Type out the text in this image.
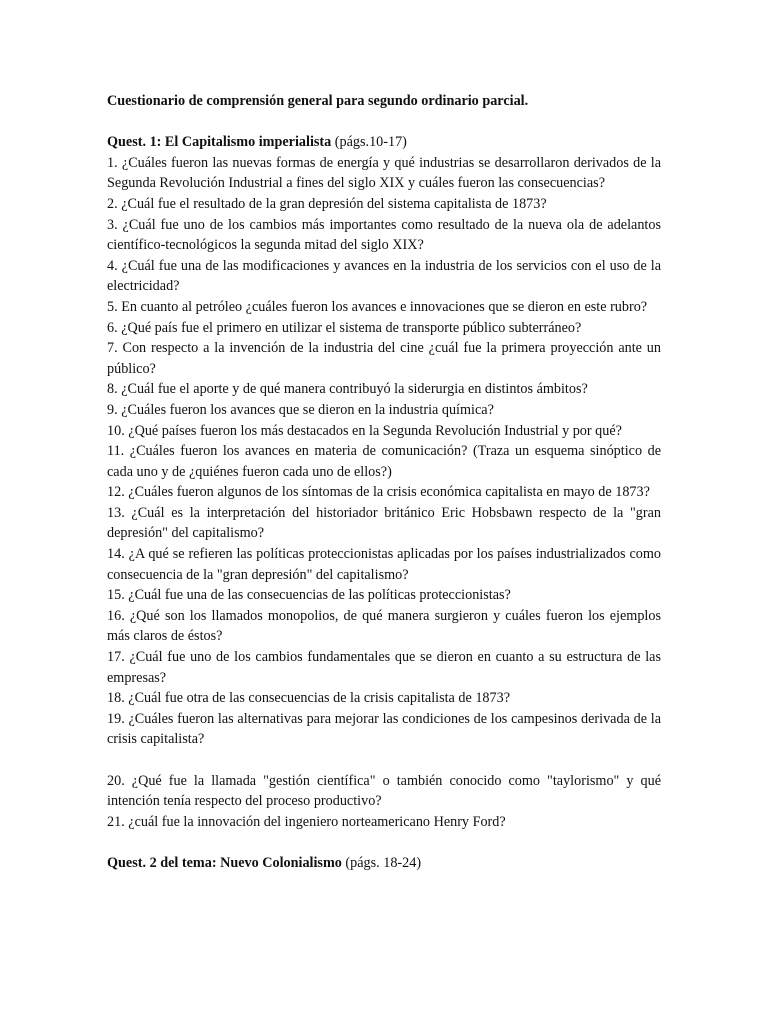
Cuestionario de comprensión general para segundo ordinario parcial.

Quest. 1: El Capitalismo imperialista (págs.10-17)

1. ¿Cuáles fueron las nuevas formas de energía y qué industrias se desarrollaron derivados de la Segunda Revolución Industrial a fines del siglo XIX y cuáles fueron las consecuencias?

2. ¿Cuál fue el resultado de la gran depresión del sistema capitalista de 1873?

3. ¿Cuál fue uno de los cambios más importantes como resultado de la nueva ola de adelantos científico-tecnológicos la segunda mitad del siglo XIX?

4. ¿Cuál fue una de las modificaciones y avances en la industria de los servicios con el uso de la electricidad?

5. En cuanto al petróleo ¿cuáles fueron los avances e innovaciones que se dieron en este rubro?

6. ¿Qué país fue el primero en utilizar el sistema de transporte público subterráneo?

7. Con respecto a la invención de la industria del cine ¿cuál fue la primera proyección ante un público?

8. ¿Cuál fue el aporte y de qué manera contribuyó la siderurgia en distintos ámbitos?

9. ¿Cuáles fueron los avances que se dieron en la industria química?

10. ¿Qué países fueron los más destacados en la Segunda Revolución Industrial y por qué?

11. ¿Cuáles fueron los avances en materia de comunicación? (Traza un esquema sinóptico de cada uno y de ¿quiénes fueron cada uno de ellos?)

12. ¿Cuáles fueron algunos de los síntomas de la crisis económica capitalista en mayo de 1873?

13. ¿Cuál es la interpretación del historiador británico Eric Hobsbawn respecto de la "gran depresión" del capitalismo?

14. ¿A qué se refieren las políticas proteccionistas aplicadas por los países industrializados como consecuencia de la "gran depresión" del capitalismo?

15. ¿Cuál fue una de las consecuencias de las políticas proteccionistas?

16. ¿Qué son los llamados monopolios, de qué manera surgieron y cuáles fueron los ejemplos más claros de éstos?

17. ¿Cuál fue uno de los cambios fundamentales que se dieron en cuanto a su estructura de las empresas?

18. ¿Cuál fue otra de las consecuencias de la crisis capitalista de 1873?

19. ¿Cuáles fueron las alternativas para mejorar las condiciones de los campesinos derivada de la crisis capitalista?

20. ¿Qué fue la llamada "gestión científica" o también conocido como "taylorismo" y qué intención tenía respecto del proceso productivo?

21. ¿cuál fue la innovación del ingeniero norteamericano Henry Ford?

Quest. 2 del tema: Nuevo Colonialismo (págs. 18-24)
